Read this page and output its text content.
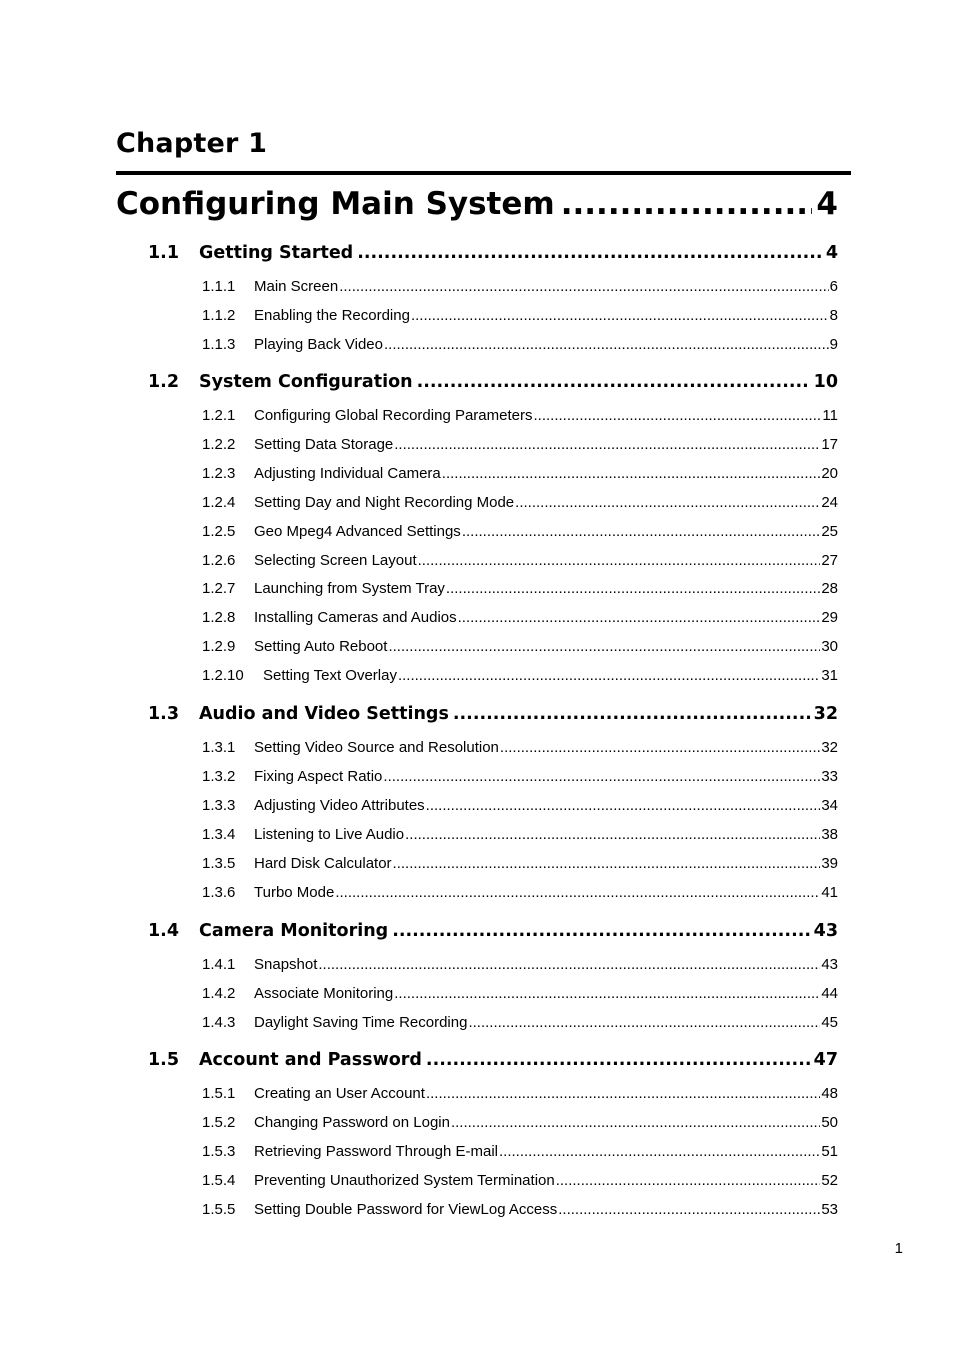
Chapter 1
Configuring Main System .....	4
1.1	Getting Started .....	4
1.1.1	Main Screen .....	6
1.1.2	Enabling the Recording .....	8
1.1.3	Playing Back Video .....	9
1.2	System Configuration .....	10
1.2.1	Configuring Global Recording Parameters .....	11
1.2.2	Setting Data Storage .....	17
1.2.3	Adjusting Individual Camera .....	20
1.2.4	Setting Day and Night Recording Mode .....	24
1.2.5	Geo Mpeg4 Advanced Settings .....	25
1.2.6	Selecting Screen Layout .....	27
1.2.7	Launching from System Tray .....	28
1.2.8	Installing Cameras and Audios .....	29
1.2.9	Setting Auto Reboot .....	30
1.2.10	Setting Text Overlay .....	31
1.3	Audio and Video Settings .....	32
1.3.1	Setting Video Source and Resolution .....	32
1.3.2	Fixing Aspect Ratio .....	33
1.3.3	Adjusting Video Attributes .....	34
1.3.4	Listening to Live Audio .....	38
1.3.5	Hard Disk Calculator .....	39
1.3.6	Turbo Mode .....	41
1.4	Camera Monitoring .....	43
1.4.1	Snapshot .....	43
1.4.2	Associate Monitoring .....	44
1.4.3	Daylight Saving Time Recording .....	45
1.5	Account and Password .....	47
1.5.1	Creating an User Account .....	48
1.5.2	Changing Password on Login .....	50
1.5.3	Retrieving Password Through E-mail .....	51
1.5.4	Preventing Unauthorized System Termination .....	52
1.5.5	Setting Double Password for ViewLog Access .....	53
1
